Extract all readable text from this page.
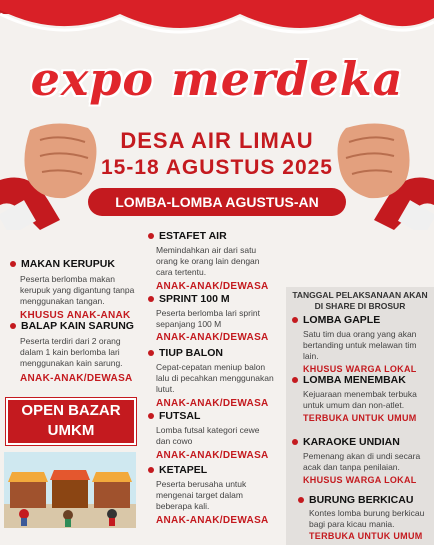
expo merdeka
DESA AIR LIMAU
15-18 AGUSTUS 2025
LOMBA-LOMBA AGUSTUS-AN
MAKAN KERUPUK
Peserta berlomba makan kerupuk yang digantung tanpa menggunakan tangan.
KHUSUS ANAK-ANAK
BALAP KAIN SARUNG
Peserta terdiri dari 2 orang dalam 1 kain berlomba lari menggunakan kain sarung.
ANAK-ANAK/DEWASA
OPEN BAZAR
UMKM
ESTAFET AIR
Memindahkan air dari satu orang ke orang lain dengan cara tertentu.
ANAK-ANAK/DEWASA
SPRINT 100 M
Peserta berlomba lari sprint sepanjang 100 M
ANAK-ANAK/DEWASA
TIUP BALON
Cepat-cepatan meniup balon lalu di pecahkan menggunakan lutut.
ANAK-ANAK/DEWASA
FUTSAL
Lomba futsal kategori cewe dan cowo
ANAK-ANAK/DEWASA
KETAPEL
Peserta berusaha untuk mengenai target dalam beberapa kali.
ANAK-ANAK/DEWASA
TANGGAL PELAKSANAAN AKAN DI SHARE DI BROSUR
LOMBA GAPLE
Satu tim dua orang yang akan bertanding untuk melawan tim lain.
KHUSUS WARGA LOKAL
LOMBA MENEMBAK
Kejuaraan menembak terbuka untuk umum dan non-atlet.
TERBUKA UNTUK UMUM
KARAOKE UNDIAN
Pemenang akan di undi secara acak dan tanpa penilaian.
KHUSUS WARGA LOKAL
BURUNG BERKICAU
Kontes lomba burung berkicau bagi para kicau mania.
TERBUKA UNTUK UMUM
